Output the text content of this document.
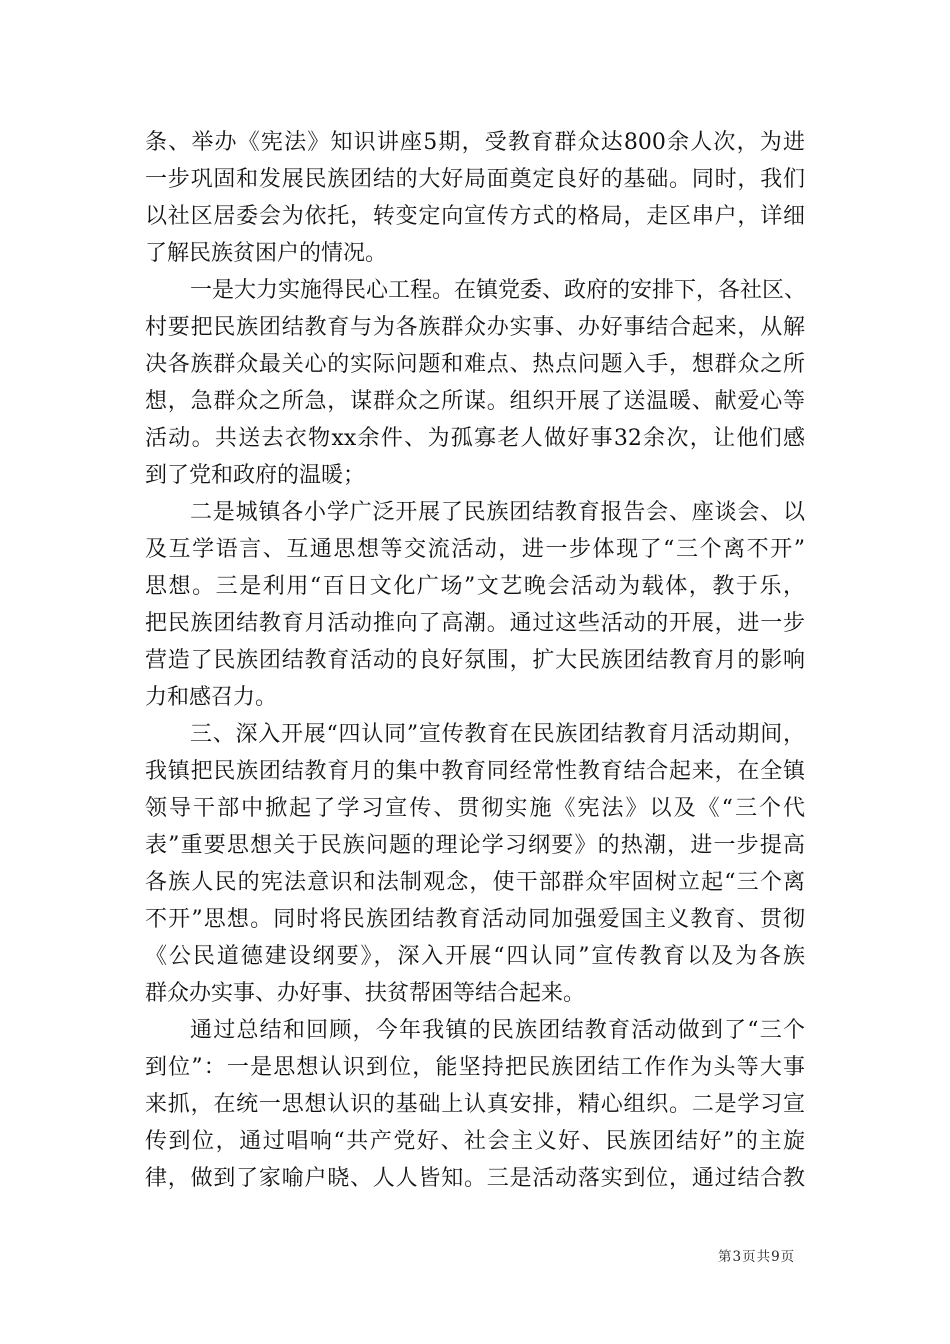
条、举办《宪法》知识讲座5期，受教育群众达800余人次，为进
一步巩固和发展民族团结的大好局面奠定良好的基础。同时，我们
以社区居委会为依托，转变定向宣传方式的格局，走区串户，详细
了解民族贫困户的情况。
一是大力实施得民心工程。在镇党委、政府的安排下，各社区、
村要把民族团结教育与为各族群众办实事、办好事结合起来，从解
决各族群众最关心的实际问题和难点、热点问题入手，想群众之所
想，急群众之所急，谋群众之所谋。组织开展了送温暖、献爱心等
活动。共送去衣物xx余件、为孤寡老人做好事32余次，让他们感
到了党和政府的温暖；
二是城镇各小学广泛开展了民族团结教育报告会、座谈会、以
及互学语言、互通思想等交流活动，进一步体现了“三个离不开”
思想。三是利用“百日文化广场”文艺晚会活动为载体，教于乐，
把民族团结教育月活动推向了高潮。通过这些活动的开展，进一步
营造了民族团结教育活动的良好氛围，扩大民族团结教育月的影响
力和感召力。
三、深入开展“四认同”宣传教育在民族团结教育月活动期间，
我镇把民族团结教育月的集中教育同经常性教育结合起来，在全镇
领导干部中掀起了学习宣传、贯彻实施《宪法》以及《“三个代
表”重要思想关于民族问题的理论学习纲要》的热潮，进一步提高
各族人民的宪法意识和法制观念，使干部群众牢固树立起“三个离
不开”思想。同时将民族团结教育活动同加强爱国主义教育、贯彻
《公民道德建设纲要》，深入开展“四认同”宣传教育以及为各族
群众办实事、办好事、扶贫帮困等结合起来。
通过总结和回顾，今年我镇的民族团结教育活动做到了“三个
到位”：一是思想认识到位，能坚持把民族团结工作作为头等大事
来抓，在统一思想认识的基础上认真安排，精心组织。二是学习宣
传到位，通过唱响“共产党好、社会主义好、民族团结好”的主旋
律，做到了家喻户晓、人人皆知。三是活动落实到位，通过结合教
第3页共9页
